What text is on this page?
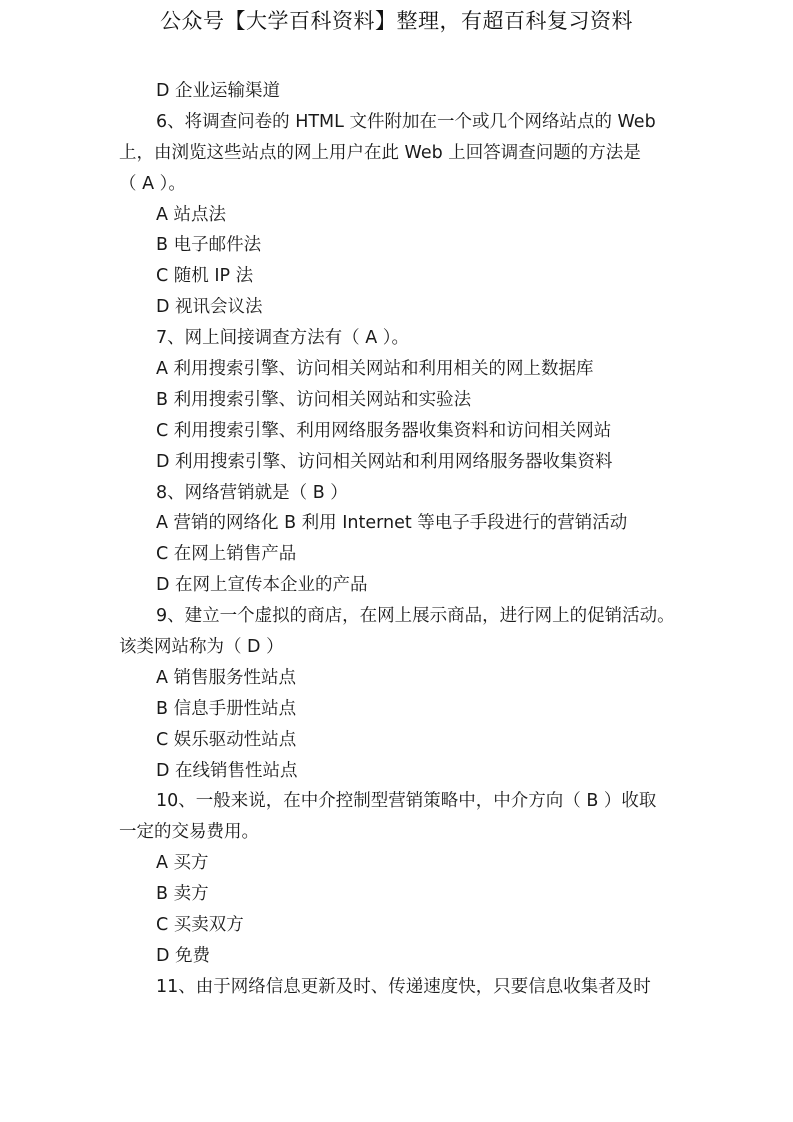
公众号【大学百科资料】整理，有超百科复习资料
D 企业运输渠道
6、将调查问卷的 HTML 文件附加在一个或几个网络站点的 Web
上，由浏览这些站点的网上用户在此 Web 上回答调查问题的方法是
（ A ）。
A 站点法
B 电子邮件法
C 随机 IP 法
D 视讯会议法
7、网上间接调查方法有（ A ）。
A 利用搜索引擎、访问相关网站和利用相关的网上数据库
B 利用搜索引擎、访问相关网站和实验法
C 利用搜索引擎、利用网络服务器收集资料和访问相关网站
D 利用搜索引擎、访问相关网站和利用网络服务器收集资料
8、网络营销就是（ B ）
A 营销的网络化 B 利用 Internet 等电子手段进行的营销活动
C 在网上销售产品
D 在网上宣传本企业的产品
9、建立一个虚拟的商店，在网上展示商品，进行网上的促销活动。
该类网站称为（ D ）
A 销售服务性站点
B 信息手册性站点
C 娱乐驱动性站点
D 在线销售性站点
10、一般来说，在中介控制型营销策略中，中介方向（ B ）收取
一定的交易费用。
A 买方
B 卖方
C 买卖双方
D 免费
11、由于网络信息更新及时、传递速度快，只要信息收集者及时
